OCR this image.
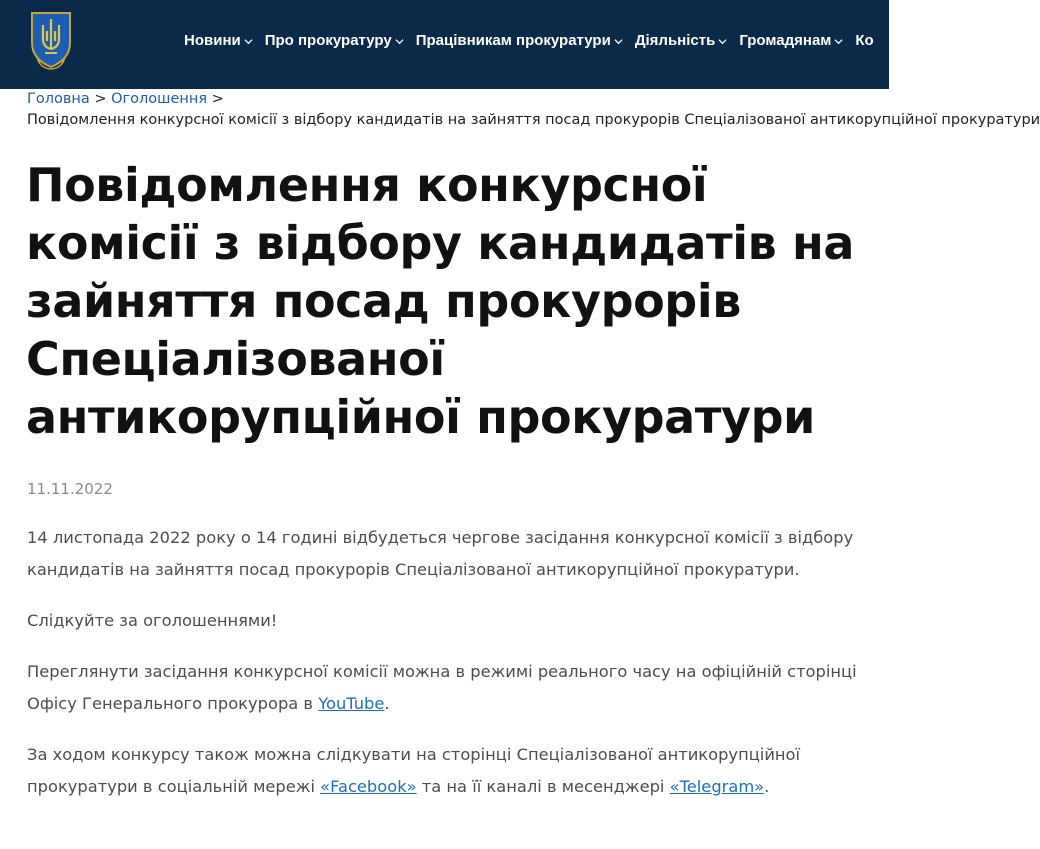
Новини Про прокуратуру Працівникам прокуратури Діяльність Громадянам Ко
Головна > Оголошення >
Повідомлення конкурсної комісії з відбору кандидатів на зайняття посад прокурорів Спеціалізованої антикорупційної прокуратури
Повідомлення конкурсної комісії з відбору кандидатів на зайняття посад прокурорів Спеціалізованої антикорупційної прокуратури
11.11.2022

14 листопада 2022 року о 14 годині відбудеться чергове засідання конкурсної комісії з відбору кандидатів на зайняття посад прокурорів Спеціалізованої антикорупційної прокуратури.

Слідкуйте за оголошеннями!

Переглянути засідання конкурсної комісії можна в режимі реального часу на офіційній сторінці Офісу Генерального прокурора в YouTube.

За ходом конкурсу також можна слідкувати на сторінці Спеціалізованої антикорупційної прокуратури в соціальній мережі «Facebook» та на її каналі в месенджері «Telegram».
